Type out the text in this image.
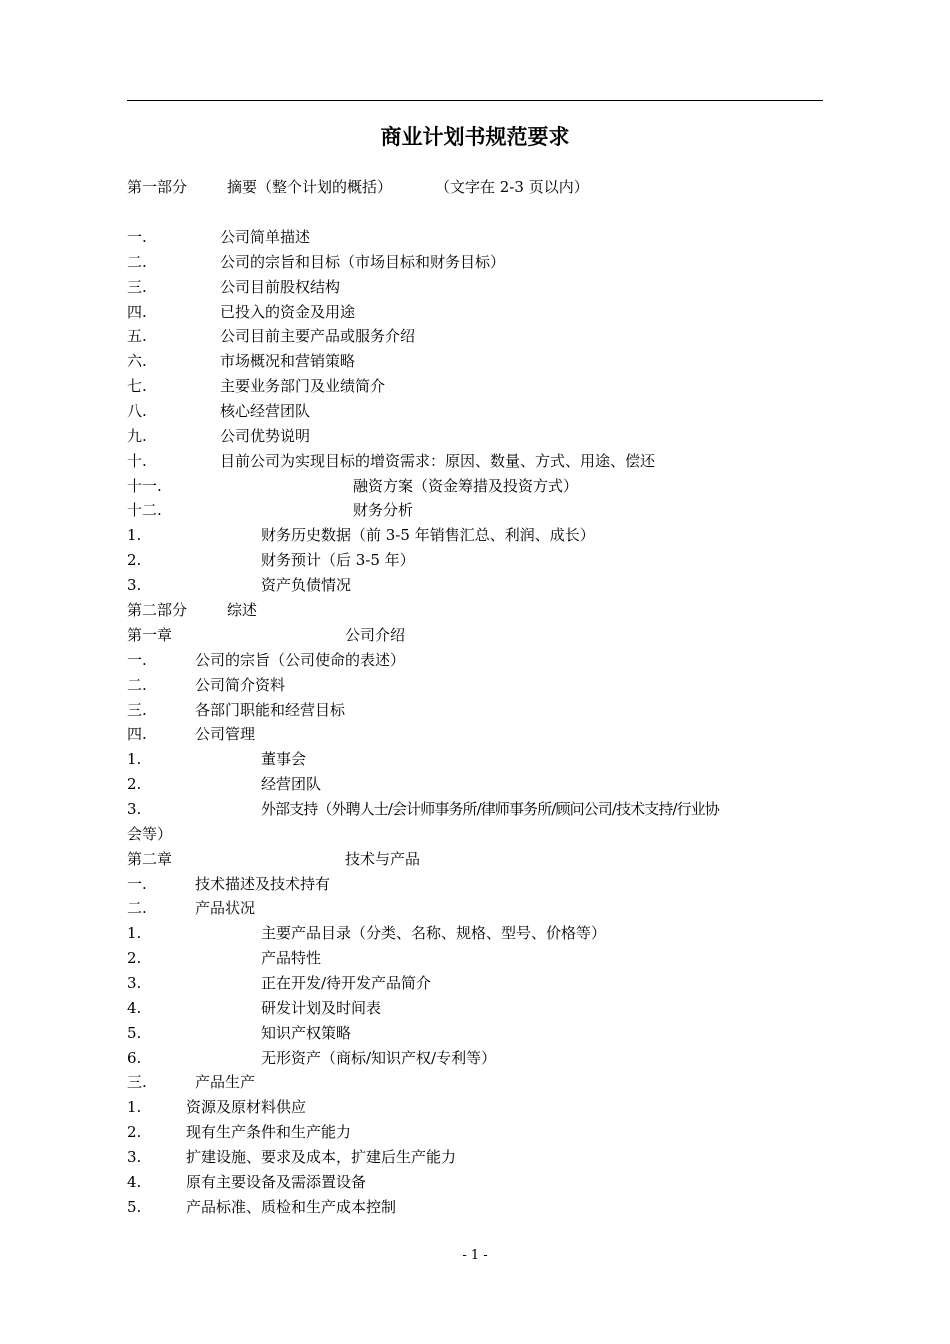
商业计划书规范要求
第一部分	摘要（整个计划的概括）	（文字在 2-3 页以内）
一.	公司简单描述
二.	公司的宗旨和目标（市场目标和财务目标）
三.	公司目前股权结构
四.	已投入的资金及用途
五.	公司目前主要产品或服务介绍
六.	市场概况和营销策略
七.	主要业务部门及业绩简介
八.	核心经营团队
九.	公司优势说明
十.	目前公司为实现目标的增资需求：原因、数量、方式、用途、偿还
十一.	融资方案（资金筹措及投资方式）
十二.	财务分析
1.	财务历史数据（前 3-5 年销售汇总、利润、成长）
2.	财务预计（后 3-5 年）
3.	资产负债情况
第二部分	综述
第一章	公司介绍
一.	公司的宗旨（公司使命的表述）
二.	公司简介资料
三.	各部门职能和经营目标
四.	公司管理
1.	董事会
2.	经营团队
3.	外部支持（外聘人士/会计师事务所/律师事务所/顾问公司/技术支持/行业协
会等）
第二章	技术与产品
一.	技术描述及技术持有
二.	产品状况
1.	主要产品目录（分类、名称、规格、型号、价格等）
2.	产品特性
3.	正在开发/待开发产品简介
4.	研发计划及时间表
5.	知识产权策略
6.	无形资产（商标/知识产权/专利等）
三.	产品生产
1.	资源及原材料供应
2.	现有生产条件和生产能力
3.	扩建设施、要求及成本，扩建后生产能力
4.	原有主要设备及需添置设备
5.	产品标准、质检和生产成本控制
- 1 -
